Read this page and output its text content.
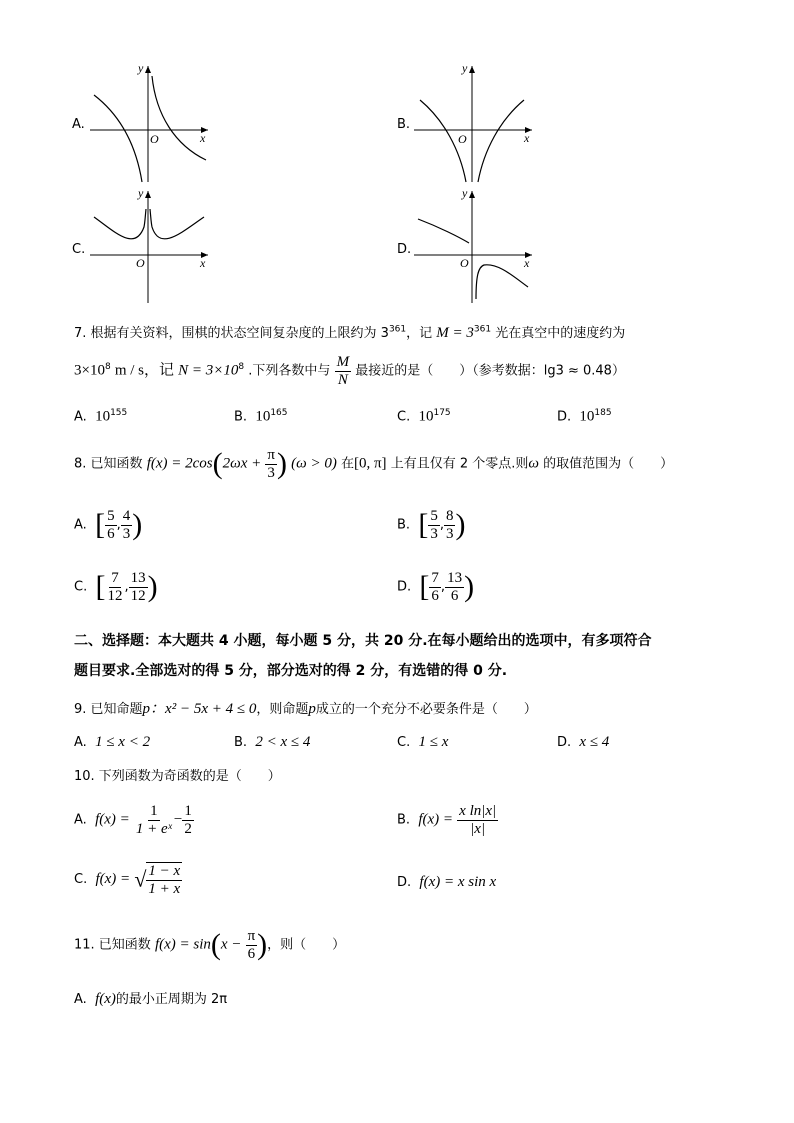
A.
y
x
O
B.
y
x
O
C.
y
x
O
D.
y
x
O
7. 根据有关资料，围棋的状态空间复杂度的上限约为 $3^{361}$，记 $M = 3^{361}$ 光在真空中的速度约为
$3\times 10^8$ m / s，记 $N = 3\times 10^8$ .下列各数中与 $\frac{M}{N}$ 最接近的是（　　）（参考数据：lg3 ≈ 0.48）
A. $10^{155}$	B. $10^{165}$	C. $10^{175}$	D. $10^{185}$
8. 已知函数 $f(x) = 2\cos(2\omega x + \frac{\pi}{3}$ ) (ω > 0) 在[0, π] 上有且仅有 2 个零点.则ω 的取值范围为（　　）
A. [ $\frac{5}{6}$ , $\frac{4}{3}$ )	B. [ $\frac{5}{3}$ , $\frac{8}{3}$ )
C. [ $\frac{7}{12}$ , $\frac{13}{12}$ )	D. [ $\frac{7}{6}$ , $\frac{13}{6}$ )
二、选择题：本大题共 4 小题，每小题 5 分，共 20 分.在每小题给出的选项中，有多项符合
题目要求.全部选对的得 5 分，部分选对的得 2 分，有选错的得 0 分.
9. 已知命题p：x² − 5x + 4 ≤ 0，则命题p成立的一个充分不必要条件是（　　）
A. 1 ≤ x < 2	B. 2 < x ≤ 4	C. 1 ≤ x	D. x ≤ 4
10. 下列函数为奇函数的是（　　）
A. $f(x) = \frac{1}{\text{1 + eˣ}} - \frac{1}{2}$	B. $f(x) = \frac{\text{x ln|x|}}{|x|}$
C. f(x) = √ $\frac{1 - x}{1 + x}$	D. f(x) = x sin x
11. 已知函数 $f(x) = \sin(x - \frac{\pi}{6}$ )，则（　　）
A. f(x)的最小正周期为 2π
